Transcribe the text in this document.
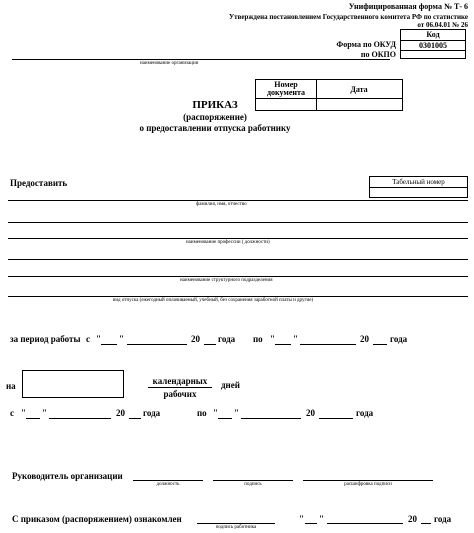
Унифицированная форма № Т- 6
Утверждена постановлением Государственного комитета РФ по статистике
от 06.04.01 № 26
Код
0301005
Форма по ОКУД
по ОКПО
наименование организации
Номер документа	Дата
ПРИКАЗ
(распоряжение)
о предоставлении отпуска работнику
Предоставить	Табельный номер
фамилия, имя, отчество
наименование профессии ( должности)
наименование структурного подразделения
вид отпуска (ежегодный оплачиваемый, учебный, без сохранения заработной платы и другие)
за период работы с " "	20 года по " "	20 года
на	календарных
рабочих
дней
с " "	20 года	по " "	20	года
Руководитель организации
должность	подпись	расшифровка подписи
С приказом (распоряжением) ознакомлен
подпись работника
" "	20 года
